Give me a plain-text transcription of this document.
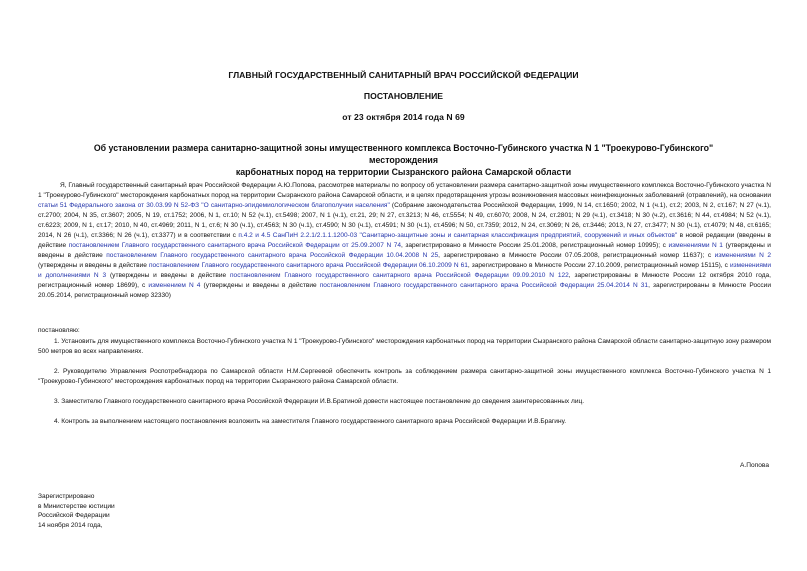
ГЛАВНЫЙ ГОСУДАРСТВЕННЫЙ САНИТАРНЫЙ ВРАЧ РОССИЙСКОЙ ФЕДЕРАЦИИ
ПОСТАНОВЛЕНИЕ
от 23 октября 2014 года N 69
Об установлении размера санитарно-защитной зоны имущественного комплекса Восточно-Губинского участка N 1 "Троекурово-Губинского" месторождения
карбонатных пород на территории Сызранского района Самарской области
Я, Главный государственный санитарный врач Российской Федерации А.Ю.Попова, рассмотрев материалы по вопросу об установлении размера санитарно-защитной зоны имущественного комплекса Восточно-Губинского участка N 1 "Троекурово-Губинского" месторождения карбонатных пород на территории Сызранского района Самарской области, и в целях предотвращения угрозы возникновения массовых неинфекционных заболеваний (отравлений), на основании статьи 51 Федерального закона от 30.03.99 N 52-ФЗ "О санитарно-эпидемиологическом благополучии населения" (Собрание законодательства Российской Федерации, 1999, N 14, ст.1650; 2002, N 1 (ч.1), ст.2; 2003, N 2, ст.167; N 27 (ч.1), ст.2700; 2004, N 35, ст.3607; 2005, N 19, ст.1752; 2006, N 1, ст.10; N 52 (ч.1), ст.5498; 2007, N 1 (ч.1), ст.21, 29; N 27, ст.3213; N 46, ст.5554; N 49, ст.6070; 2008, N 24, ст.2801; N 29 (ч.1), ст.3418; N 30 (ч.2), ст.3616; N 44, ст.4984; N 52 (ч.1), ст.6223; 2009, N 1, ст.17; 2010, N 40, ст.4969; 2011, N 1, ст.6; N 30 (ч.1), ст.4563; N 30 (ч.1), ст.4590; N 30 (ч.1), ст.4591; N 30 (ч.1), ст.4596; N 50, ст.7359; 2012, N 24, ст.3069; N 26, ст.3446; 2013, N 27, ст.3477; N 30 (ч.1), ст.4079; N 48, ст.6165; 2014, N 26 (ч.1), ст.3366; N 26 (ч.1), ст.3377) и в соответствии с п.4.2 и 4.5 СанПиН 2.2.1/2.1.1.1200-03 "Санитарно-защитные зоны и санитарная классификация предприятий, сооружений и иных объектов" в новой редакции (введены в действие постановлением Главного государственного санитарного врача Российской Федерации от 25.09.2007 N 74, зарегистрировано в Минюсте России 25.01.2008, регистрационный номер 10995); с изменениями N 1 (утверждены и введены в действие постановлением Главного государственного санитарного врача Российской Федерации 10.04.2008 N 25, зарегистрировано в Минюсте России 07.05.2008, регистрационный номер 11637); с изменениями N 2 (утверждены и введены в действие постановлением Главного государственного санитарного врача Российской Федерации 06.10.2009 N 61, зарегистрировано в Минюсте России 27.10.2009, регистрационный номер 15115), с изменениями и дополнениями N 3 (утверждены и введены в действие постановлением Главного государственного санитарного врача Российской Федерации 09.09.2010 N 122, зарегистрированы в Минюсте России 12 октября 2010 года, регистрационный номер 18699), с изменением N 4 (утверждены и введены в действие постановлением Главного государственного санитарного врача Российской Федерации 25.04.2014 N 31, зарегистрированы в Минюсте России 20.05.2014, регистрационный номер 32330)
постановляю:
1. Установить для имущественного комплекса Восточно-Губинского участка N 1 "Троекурово-Губинского" месторождения карбонатных пород на территории Сызранского района Самарской области санитарно-защитную зону размером 500 метров во всех направлениях.
2. Руководителю Управления Роспотребнадзора по Самарской области Н.М.Сергеевой обеспечить контроль за соблюдением размера санитарно-защитной зоны имущественного комплекса Восточно-Губинского участка N 1 "Троекурово-Губинского" месторождения карбонатных пород на территории Сызранского района Самарской области.
3. Заместителю Главного государственного санитарного врача Российской Федерации И.В.Братиной довести настоящее постановление до сведения заинтересованных лиц.
4. Контроль за выполнением настоящего постановления возложить на заместителя Главного государственного санитарного врача Российской Федерации И.В.Брагину.
А.Попова
Зарегистрировано
в Министерстве юстиции
Российской Федерации
14 ноября 2014 года,
